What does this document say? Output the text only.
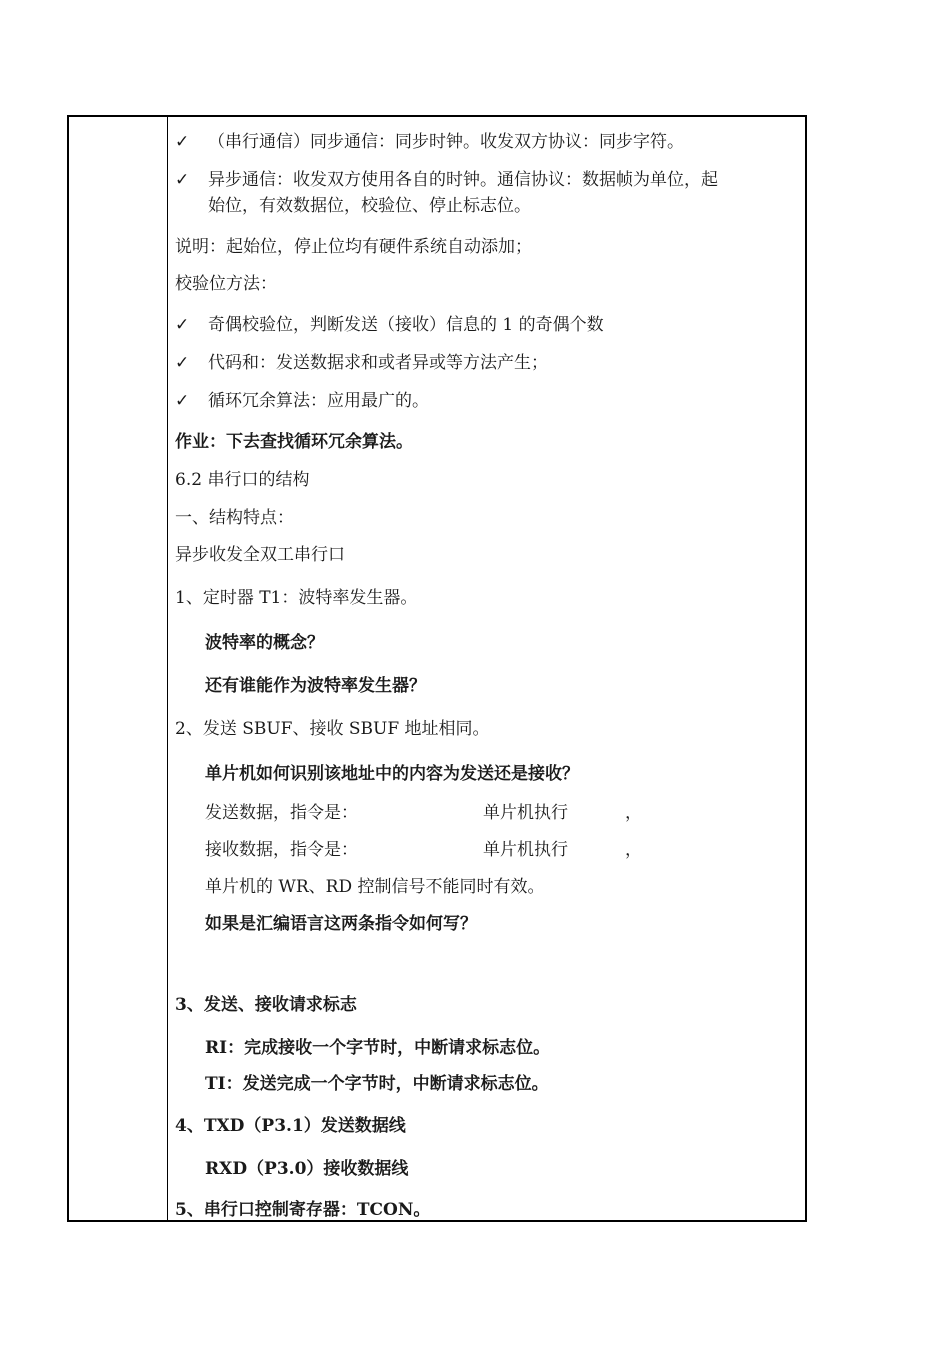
✓ （串行通信）同步通信：同步时钟。收发双方协议：同步字符。
✓ 异步通信：收发双方使用各自的时钟。通信协议：数据帧为单位，起
始位，有效数据位，校验位、停止标志位。
说明：起始位，停止位均有硬件系统自动添加；
校验位方法：
✓ 奇偶校验位，判断发送（接收）信息的 1 的奇偶个数
✓ 代码和：发送数据求和或者异或等方法产生；
✓ 循环冗余算法：应用最广的。
作业：下去查找循环冗余算法。
6.2 串行口的结构
一、结构特点：
异步收发全双工串行口
1、定时器 T1：波特率发生器。
波特率的概念？
还有谁能作为波特率发生器？
2、发送 SBUF、接收 SBUF 地址相同。
单片机如何识别该地址中的内容为发送还是接收？
发送数据，指令是：	单片机执行	，
接收数据，指令是：	单片机执行	，
单片机的 WR、RD 控制信号不能同时有效。
如果是汇编语言这两条指令如何写？
3、发送、接收请求标志
RI：完成接收一个字节时，中断请求标志位。
TI：发送完成一个字节时，中断请求标志位。
4、TXD（P3.1）发送数据线
RXD（P3.0）接收数据线
5、串行口控制寄存器：TCON。
